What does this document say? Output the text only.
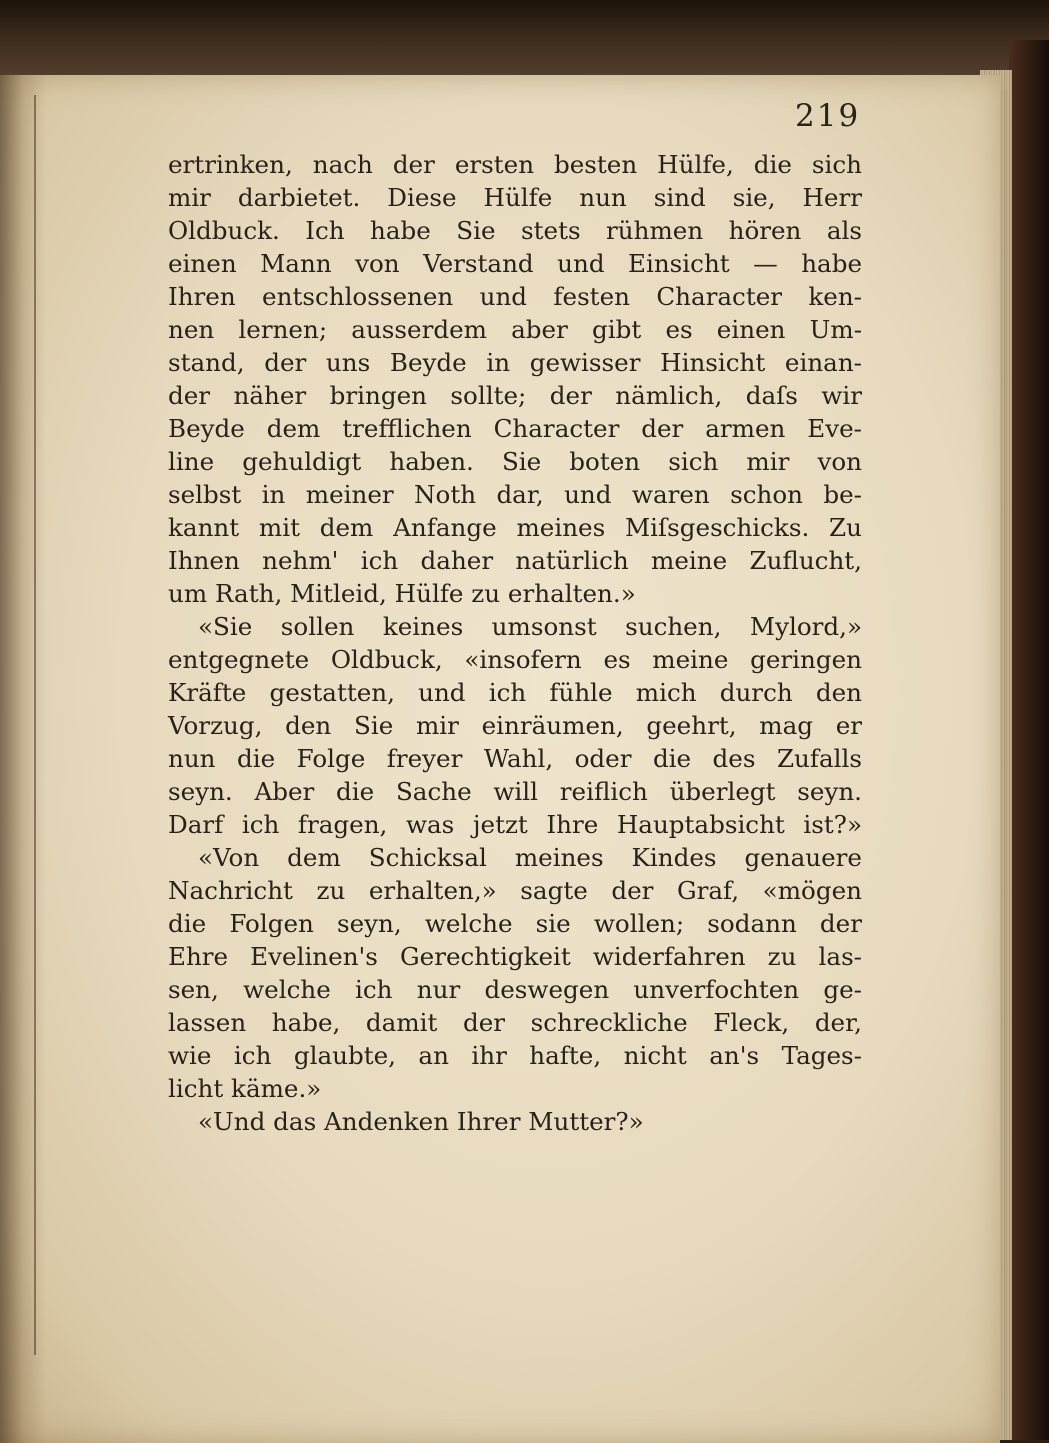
219
ertrinken, nach der ersten besten Hülfe, die sich
mir darbietet. Diese Hülfe nun sind sie, Herr
Oldbuck. Ich habe Sie stets rühmen hören als
einen Mann von Verstand und Einsicht — habe
Ihren entschlossenen und festen Character ken-
nen lernen; ausserdem aber gibt es einen Um-
stand, der uns Beyde in gewisser Hinsicht einan-
der näher bringen sollte; der nämlich, daſs wir
Beyde dem trefflichen Character der armen Eve-
line gehuldigt haben. Sie boten sich mir von
selbst in meiner Noth dar, und waren schon be-
kannt mit dem Anfange meines Miſsgeschicks. Zu
Ihnen nehm' ich daher natürlich meine Zuflucht,
um Rath, Mitleid, Hülfe zu erhalten.»
«Sie sollen keines umsonst suchen, Mylord,»
entgegnete Oldbuck, «insofern es meine geringen
Kräfte gestatten, und ich fühle mich durch den
Vorzug, den Sie mir einräumen, geehrt, mag er
nun die Folge freyer Wahl, oder die des Zufalls
seyn. Aber die Sache will reiflich überlegt seyn.
Darf ich fragen, was jetzt Ihre Hauptabsicht ist?»
«Von dem Schicksal meines Kindes genauere
Nachricht zu erhalten,» sagte der Graf, «mögen
die Folgen seyn, welche sie wollen; sodann der
Ehre Evelinen's Gerechtigkeit widerfahren zu las-
sen, welche ich nur deswegen unverfochten ge-
lassen habe, damit der schreckliche Fleck, der,
wie ich glaubte, an ihr hafte, nicht an's Tages-
licht käme.»
«Und das Andenken Ihrer Mutter?»
